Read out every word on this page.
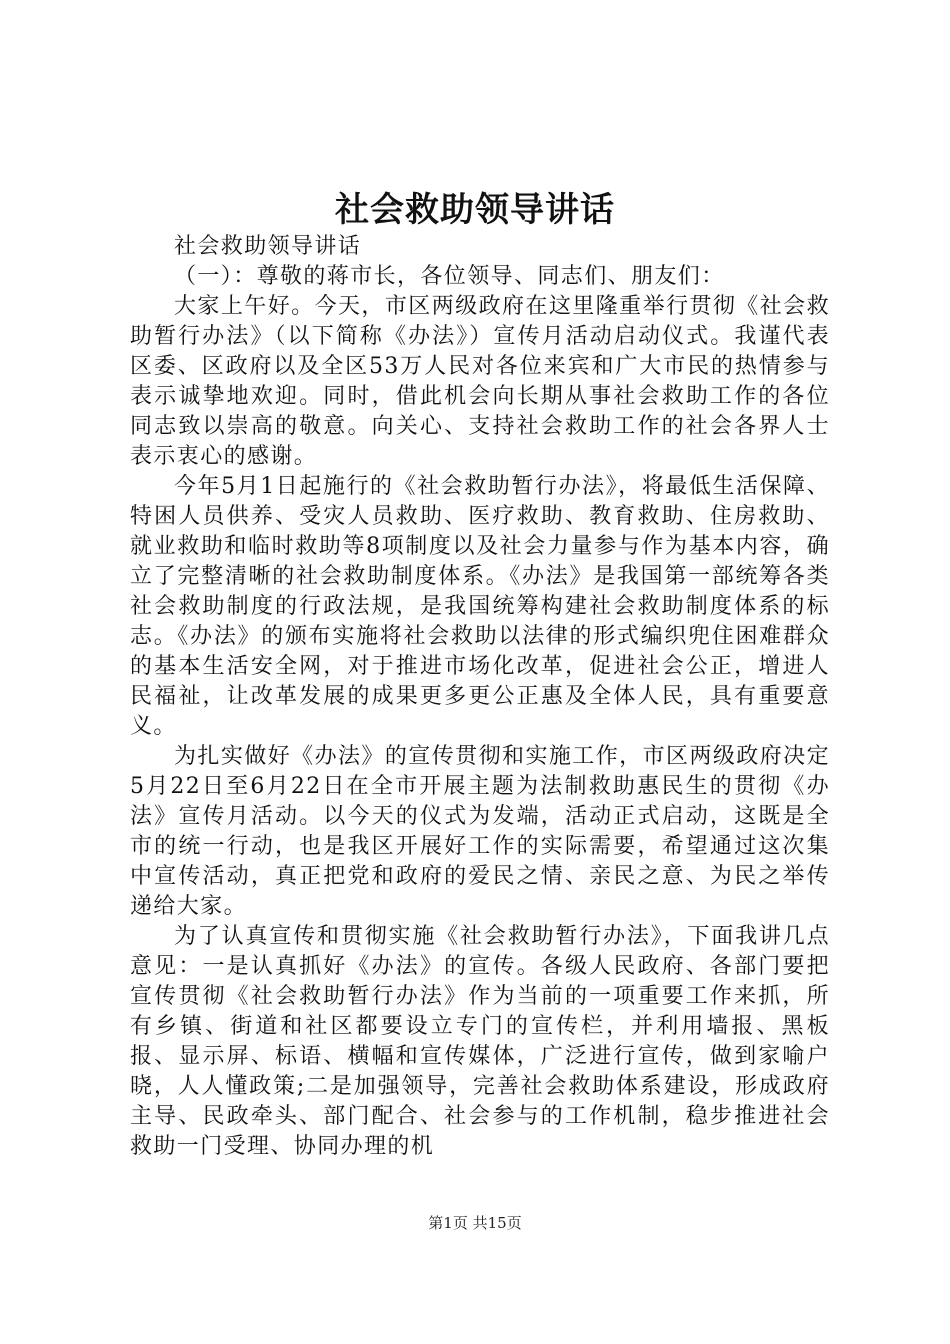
社会救助领导讲话

社会救助领导讲话

（一）：尊敬的蒋市长，各位领导、同志们、朋友们：

大家上午好。今天，市区两级政府在这里隆重举行贯彻《社会救助暂行办法》（以下简称《办法》）宣传月活动启动仪式。我谨代表区委、区政府以及全区53万人民对各位来宾和广大市民的热情参与表示诚挚地欢迎。同时，借此机会向长期从事社会救助工作的各位同志致以崇高的敬意。向关心、支持社会救助工作的社会各界人士表示衷心的感谢。

今年5月1日起施行的《社会救助暂行办法》，将最低生活保障、特困人员供养、受灾人员救助、医疗救助、教育救助、住房救助、就业救助和临时救助等8项制度以及社会力量参与作为基本内容，确立了完整清晰的社会救助制度体系。《办法》是我国第一部统筹各类社会救助制度的行政法规，是我国统筹构建社会救助制度体系的标志。《办法》的颁布实施将社会救助以法律的形式编织兜住困难群众的基本生活安全网，对于推进市场化改革，促进社会公正，增进人民福祉，让改革发展的成果更多更公正惠及全体人民，具有重要意义。

为扎实做好《办法》的宣传贯彻和实施工作，市区两级政府决定5月22日至6月22日在全市开展主题为法制救助惠民生的贯彻《办法》宣传月活动。以今天的仪式为发端，活动正式启动，这既是全市的统一行动，也是我区开展好工作的实际需要，希望通过这次集中宣传活动，真正把党和政府的爱民之情、亲民之意、为民之举传递给大家。

为了认真宣传和贯彻实施《社会救助暂行办法》，下面我讲几点意见：一是认真抓好《办法》的宣传。各级人民政府、各部门要把宣传贯彻《社会救助暂行办法》作为当前的一项重要工作来抓，所有乡镇、街道和社区都要设立专门的宣传栏，并利用墙报、黑板报、显示屏、标语、横幅和宣传媒体，广泛进行宣传，做到家喻户晓，人人懂政策;二是加强领导，完善社会救助体系建设，形成政府主导、民政牵头、部门配合、社会参与的工作机制，稳步推进社会救助一门受理、协同办理的机

第1页 共15页
